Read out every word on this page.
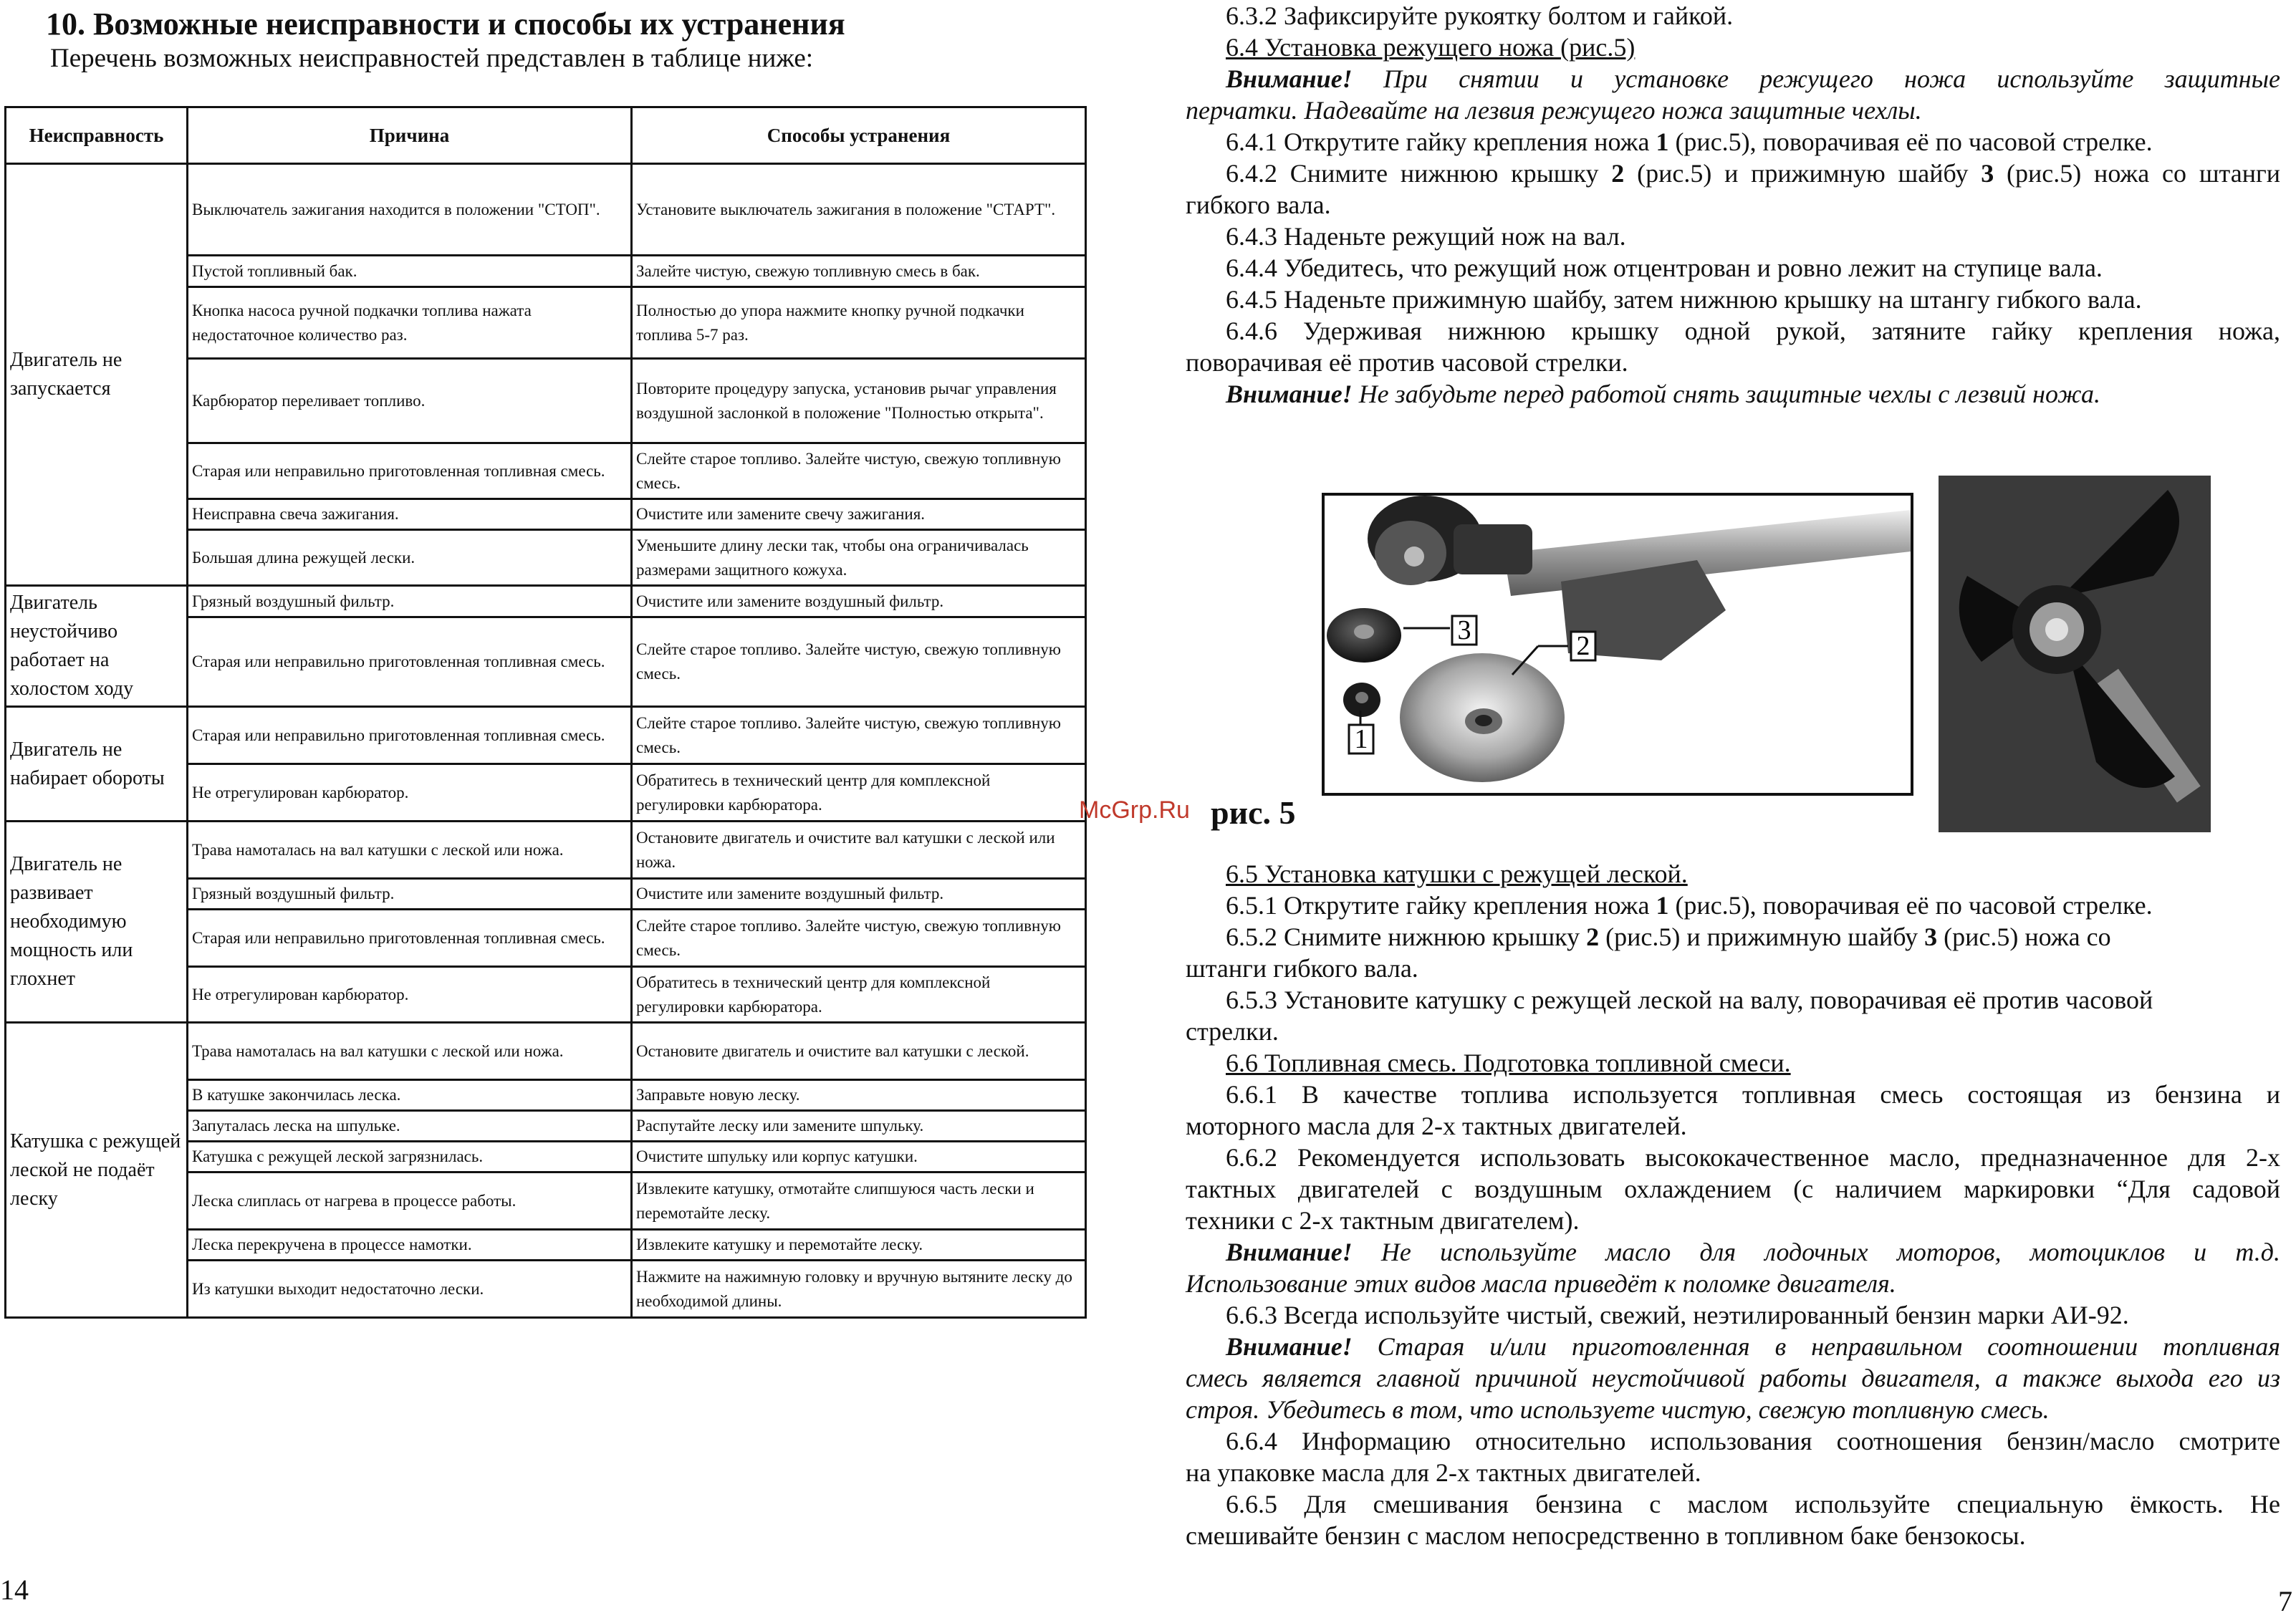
10. Возможные неисправности и способы их устранения
Перечень возможных неисправностей представлен в таблице ниже:
Неисправность	Причина	Способы устранения
Двигатель не запускается	Выключатель зажигания находится в положении "СТОП".	Установите выключатель зажигания в положение "СТАРТ".
	Пустой топливный бак.	Залейте чистую, свежую топливную смесь в бак.
	Кнопка насоса ручной подкачки топлива нажата недостаточное количество раз.	Полностью до упора нажмите кнопку ручной подкачки топлива 5-7 раз.
	Карбюратор переливает топливо.	Повторите процедуру запуска, установив рычаг управления воздушной заслонкой в положение "Полностью открыта".
	Старая или неправильно приготовленная топливная смесь.	Слейте старое топливо. Залейте чистую, свежую топливную смесь.
	Неисправна свеча зажигания.	Очистите или замените свечу зажигания.
	Большая длина режущей лески.	Уменьшите длину лески так, чтобы она ограничивалась размерами защитного кожуха.
Двигатель неустойчиво работает на холостом ходу	Грязный воздушный фильтр.	Очистите или замените воздушный фильтр.
	Старая или неправильно приготовленная топливная смесь.	Слейте старое топливо. Залейте чистую, свежую топливную смесь.
Двигатель не набирает обороты	Старая или неправильно приготовленная топливная смесь.	Слейте старое топливо. Залейте чистую, свежую топливную смесь.
	Не отрегулирован карбюратор.	Обратитесь в технический центр для комплексной регулировки карбюратора.
Двигатель не развивает необходимую мощность или глохнет	Трава намоталась на вал катушки с леской или ножа.	Остановите двигатель и очистите вал катушки с леской или ножа.
	Грязный воздушный фильтр.	Очистите или замените воздушный фильтр.
	Старая или неправильно приготовленная топливная смесь.	Слейте старое топливо. Залейте чистую, свежую топливную смесь.
	Не отрегулирован карбюратор.	Обратитесь в технический центр для комплексной регулировки карбюратора.
Катушка с режущей леской не подаёт леску	Трава намоталась на вал катушки с леской или ножа.	Остановите двигатель и очистите вал катушки с леской.
	В катушке закончилась леска.	Заправьте новую леску.
	Запуталась леска на шпульке.	Распутайте леску или замените шпульку.
	Катушка с режущей леской загрязнилась.	Очистите шпульку или корпус катушки.
	Леска слиплась от нагрева в процессе работы.	Извлеките катушку, отмотайте слипшуюся часть лески и перемотайте леску.
	Леска перекручена в процессе намотки.	Извлеките катушку и перемотайте леску.
	Из катушки выходит недостаточно лески.	Нажмите на нажимную головку и вручную вытяните леску до необходимой длины.
14
6.3.2 Зафиксируйте рукоятку болтом и гайкой.
6.4 Установка режущего ножа (рис.5)
Внимание! При снятии и установке режущего ножа используйте защитные
перчатки. Надевайте на лезвия режущего ножа защитные чехлы.
6.4.1 Открутите гайку крепления ножа 1 (рис.5), поворачивая её по часовой стрелке.
6.4.2 Снимите нижнюю крышку 2 (рис.5) и прижимную шайбу 3 (рис.5) ножа со штанги
гибкого вала.
6.4.3 Наденьте режущий нож на вал.
6.4.4 Убедитесь, что режущий нож отцентрован и ровно лежит на ступице вала.
6.4.5 Наденьте прижимную шайбу, затем нижнюю крышку на штангу гибкого вала.
6.4.6 Удерживая нижнюю крышку одной рукой, затяните гайку крепления ножа,
поворачивая её против часовой стрелки.
Внимание! Не забудьте перед работой снять защитные чехлы с лезвий ножа.
3
2
1
McGrp.Ru рис. 5
6.5 Установка катушки с режущей леской.
6.5.1 Открутите гайку крепления ножа 1 (рис.5), поворачивая её по часовой стрелке.
6.5.2 Снимите нижнюю крышку 2 (рис.5) и прижимную шайбу 3 (рис.5) ножа со
штанги гибкого вала.
6.5.3 Установите катушку с режущей леской на валу, поворачивая её против часовой
стрелки.
6.6 Топливная смесь. Подготовка топливной смеси.
6.6.1 В качестве топлива используется топливная смесь состоящая из бензина и
моторного масла для 2-х тактных двигателей.
6.6.2 Рекомендуется использовать высококачественное масло, предназначенное для 2-х
тактных двигателей с воздушным охлаждением (с наличием маркировки “Для садовой
техники с 2-х тактным двигателем).
Внимание! Не используйте масло для лодочных моторов, мотоциклов и т.д.
Использование этих видов масла приведёт к поломке двигателя.
6.6.3 Всегда используйте чистый, свежий, неэтилированный бензин марки АИ-92.
Внимание! Старая и/или приготовленная в неправильном соотношении топливная
смесь является главной причиной неустойчивой работы двигателя, а также выхода его из
строя. Убедитесь в том, что используете чистую, свежую топливную смесь.
6.6.4 Информацию относительно использования соотношения бензин/масло смотрите
на упаковке масла для 2-х тактных двигателей.
6.6.5 Для смешивания бензина с маслом используйте специальную ёмкость. Не
смешивайте бензин с маслом непосредственно в топливном баке бензокосы.
7
